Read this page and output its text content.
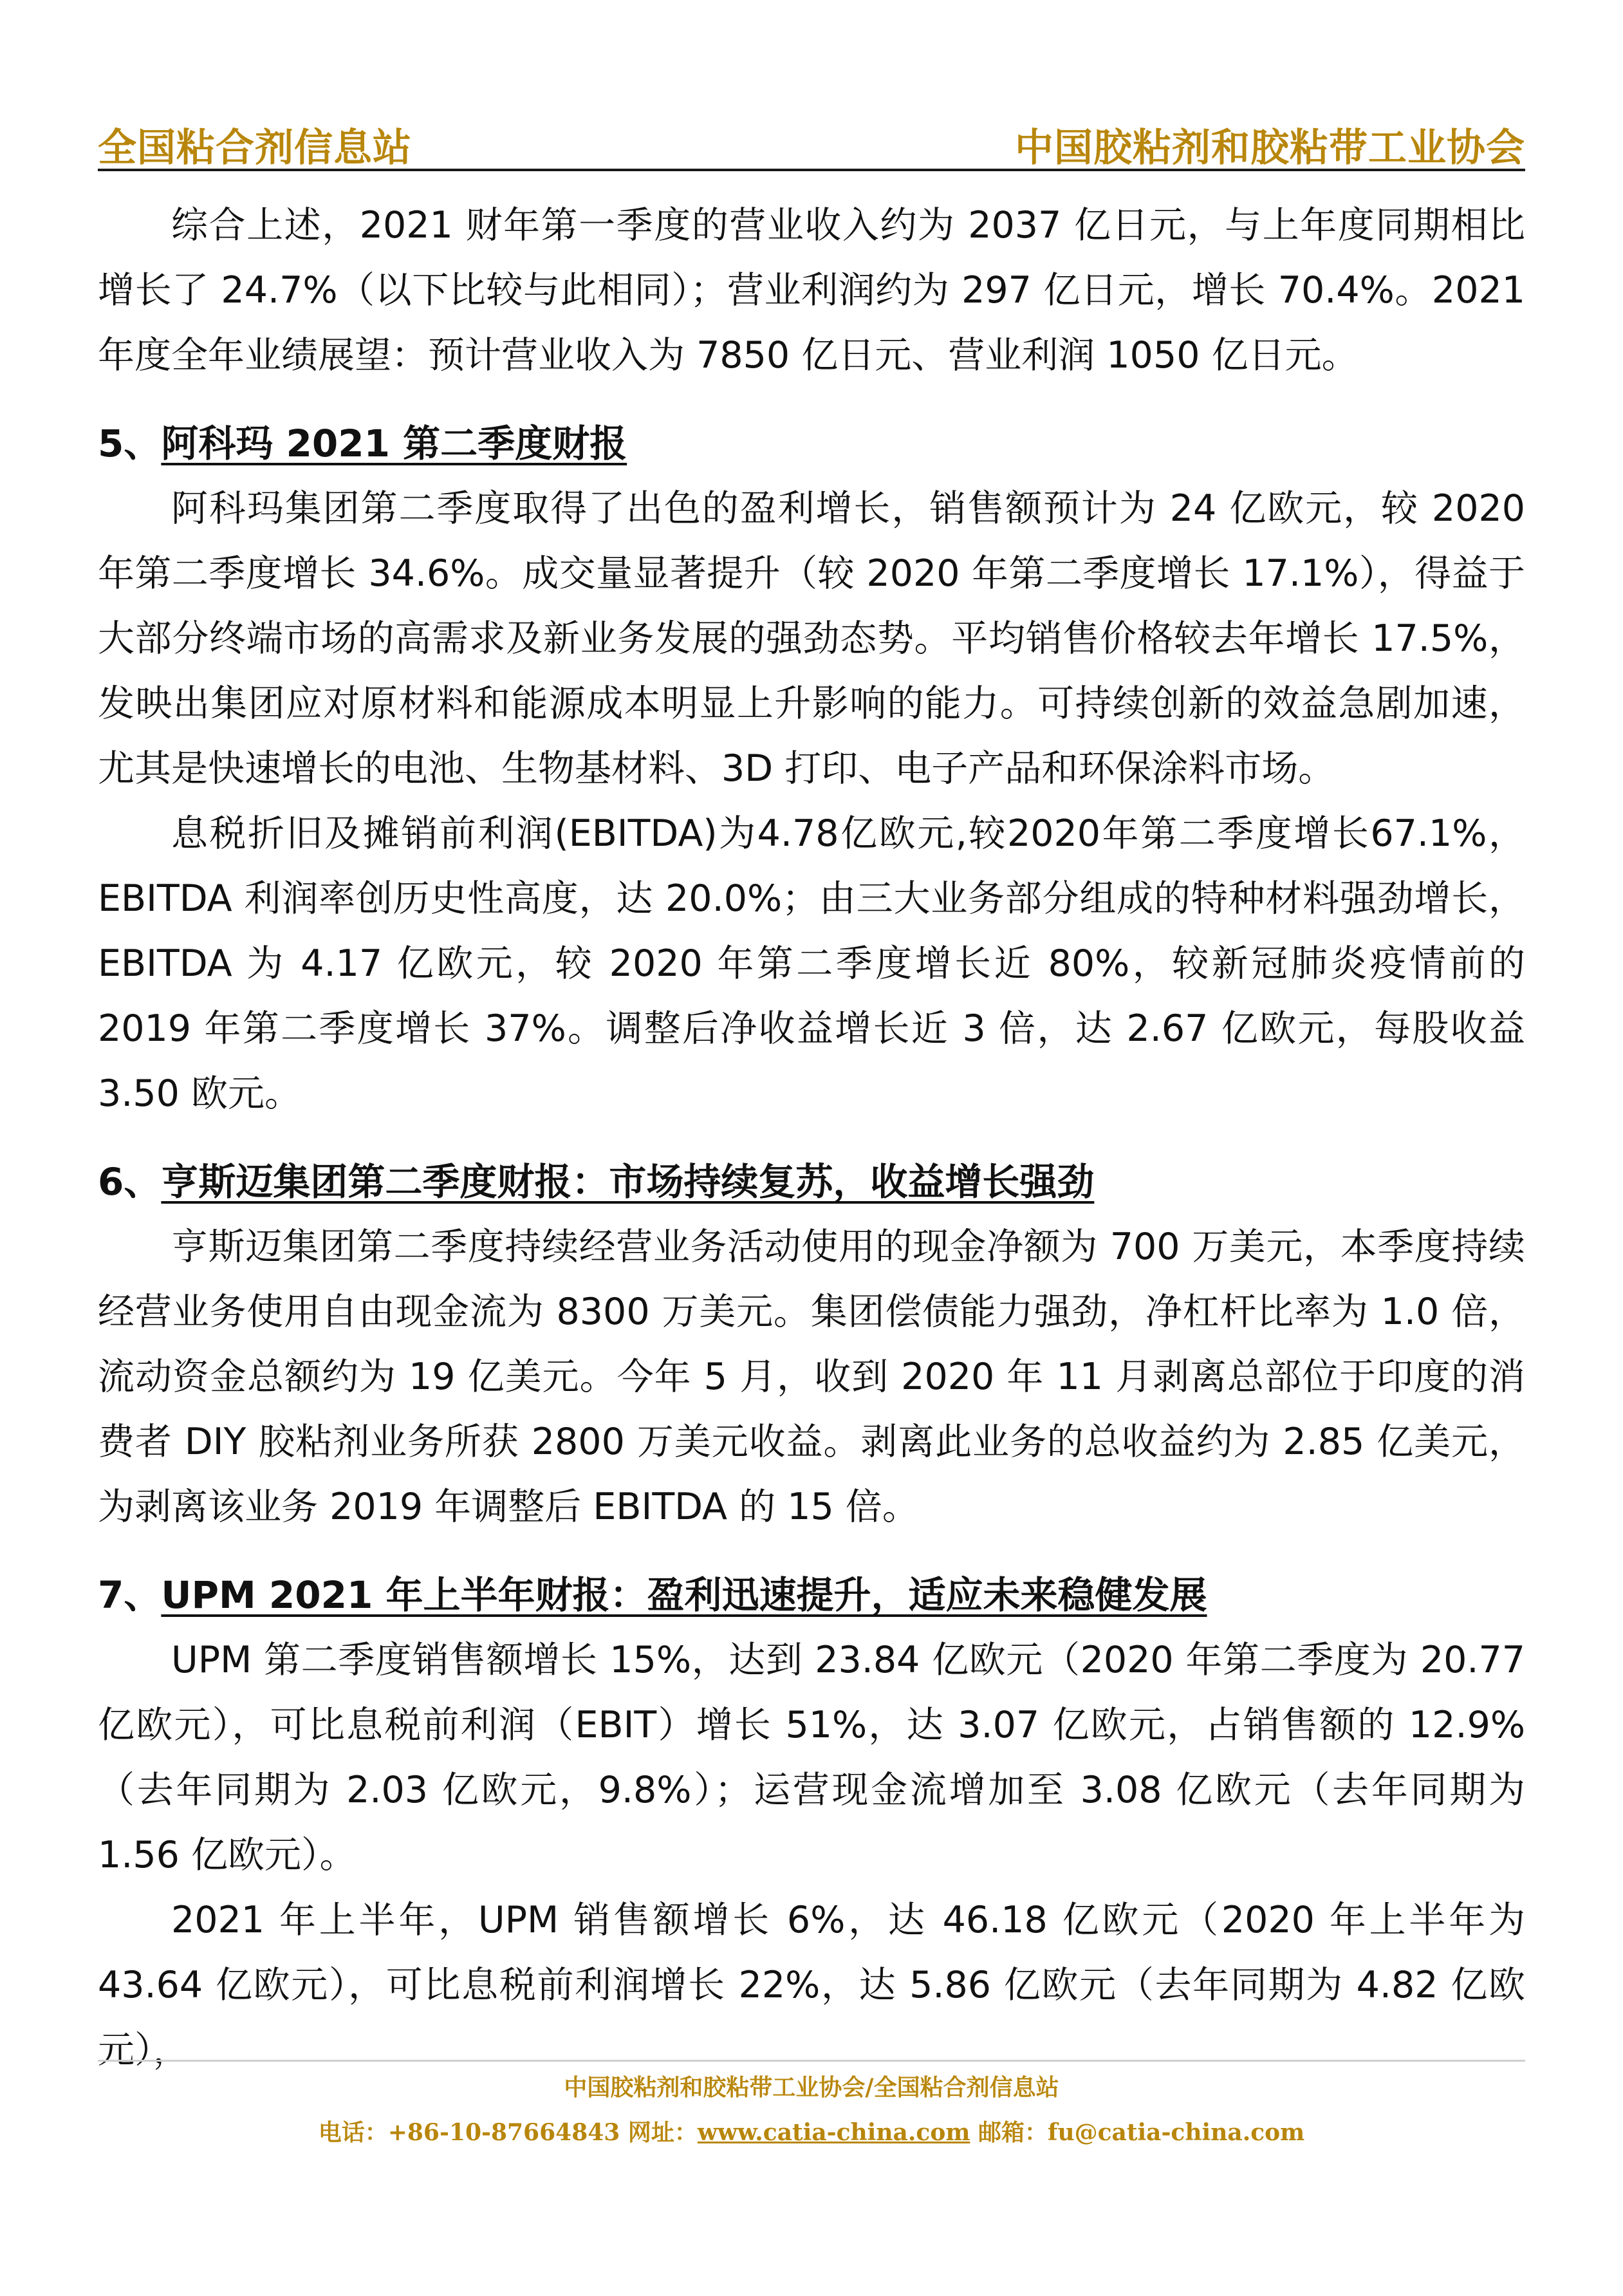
全国粘合剂信息站	中国胶粘剂和胶粘带工业协会

综合上述，2021 财年第一季度的营业收入约为 2037 亿日元，与上年度同期相比增长了 24.7%（以下比较与此相同）；营业利润约为 297 亿日元，增长 70.4%。2021 年度全年业绩展望：预计营业收入为 7850 亿日元、营业利润 1050 亿日元。

5、阿科玛 2021 第二季度财报

阿科玛集团第二季度取得了出色的盈利增长，销售额预计为 24 亿欧元，较 2020 年第二季度增长 34.6%。成交量显著提升（较 2020 年第二季度增长 17.1%），得益于大部分终端市场的高需求及新业务发展的强劲态势。平均销售价格较去年增长 17.5%，发映出集团应对原材料和能源成本明显上升影响的能力。可持续创新的效益急剧加速，尤其是快速增长的电池、生物基材料、3D 打印、电子产品和环保涂料市场。

息税折旧及摊销前利润(EBITDA)为4.78亿欧元,较2020年第二季度增长67.1%，EBITDA 利润率创历史性高度，达 20.0%；由三大业务部分组成的特种材料强劲增长，EBITDA 为 4.17 亿欧元，较 2020 年第二季度增长近 80%，较新冠肺炎疫情前的 2019 年第二季度增长 37%。调整后净收益增长近 3 倍，达 2.67 亿欧元，每股收益 3.50 欧元。

6、亨斯迈集团第二季度财报：市场持续复苏，收益增长强劲

亨斯迈集团第二季度持续经营业务活动使用的现金净额为 700 万美元，本季度持续经营业务使用自由现金流为 8300 万美元。集团偿债能力强劲，净杠杆比率为 1.0 倍，流动资金总额约为 19 亿美元。今年 5 月，收到 2020 年 11 月剥离总部位于印度的消费者 DIY 胶粘剂业务所获 2800 万美元收益。剥离此业务的总收益约为 2.85 亿美元，为剥离该业务 2019 年调整后 EBITDA 的 15 倍。

7、UPM 2021 年上半年财报：盈利迅速提升，适应未来稳健发展

UPM 第二季度销售额增长 15%，达到 23.84 亿欧元（2020 年第二季度为 20.77 亿欧元），可比息税前利润（EBIT）增长 51%，达 3.07 亿欧元，占销售额的 12.9%（去年同期为 2.03 亿欧元，9.8%）；运营现金流增加至 3.08 亿欧元（去年同期为 1.56 亿欧元）。

2021 年上半年，UPM 销售额增长 6%，达 46.18 亿欧元（2020 年上半年为 43.64 亿欧元），可比息税前利润增长 22%，达 5.86 亿欧元（去年同期为 4.82 亿欧元），

中国胶粘剂和胶粘带工业协会/全国粘合剂信息站
电话：+86-10-87664843 网址：www.catia-china.com 邮箱：fu@catia-china.com
